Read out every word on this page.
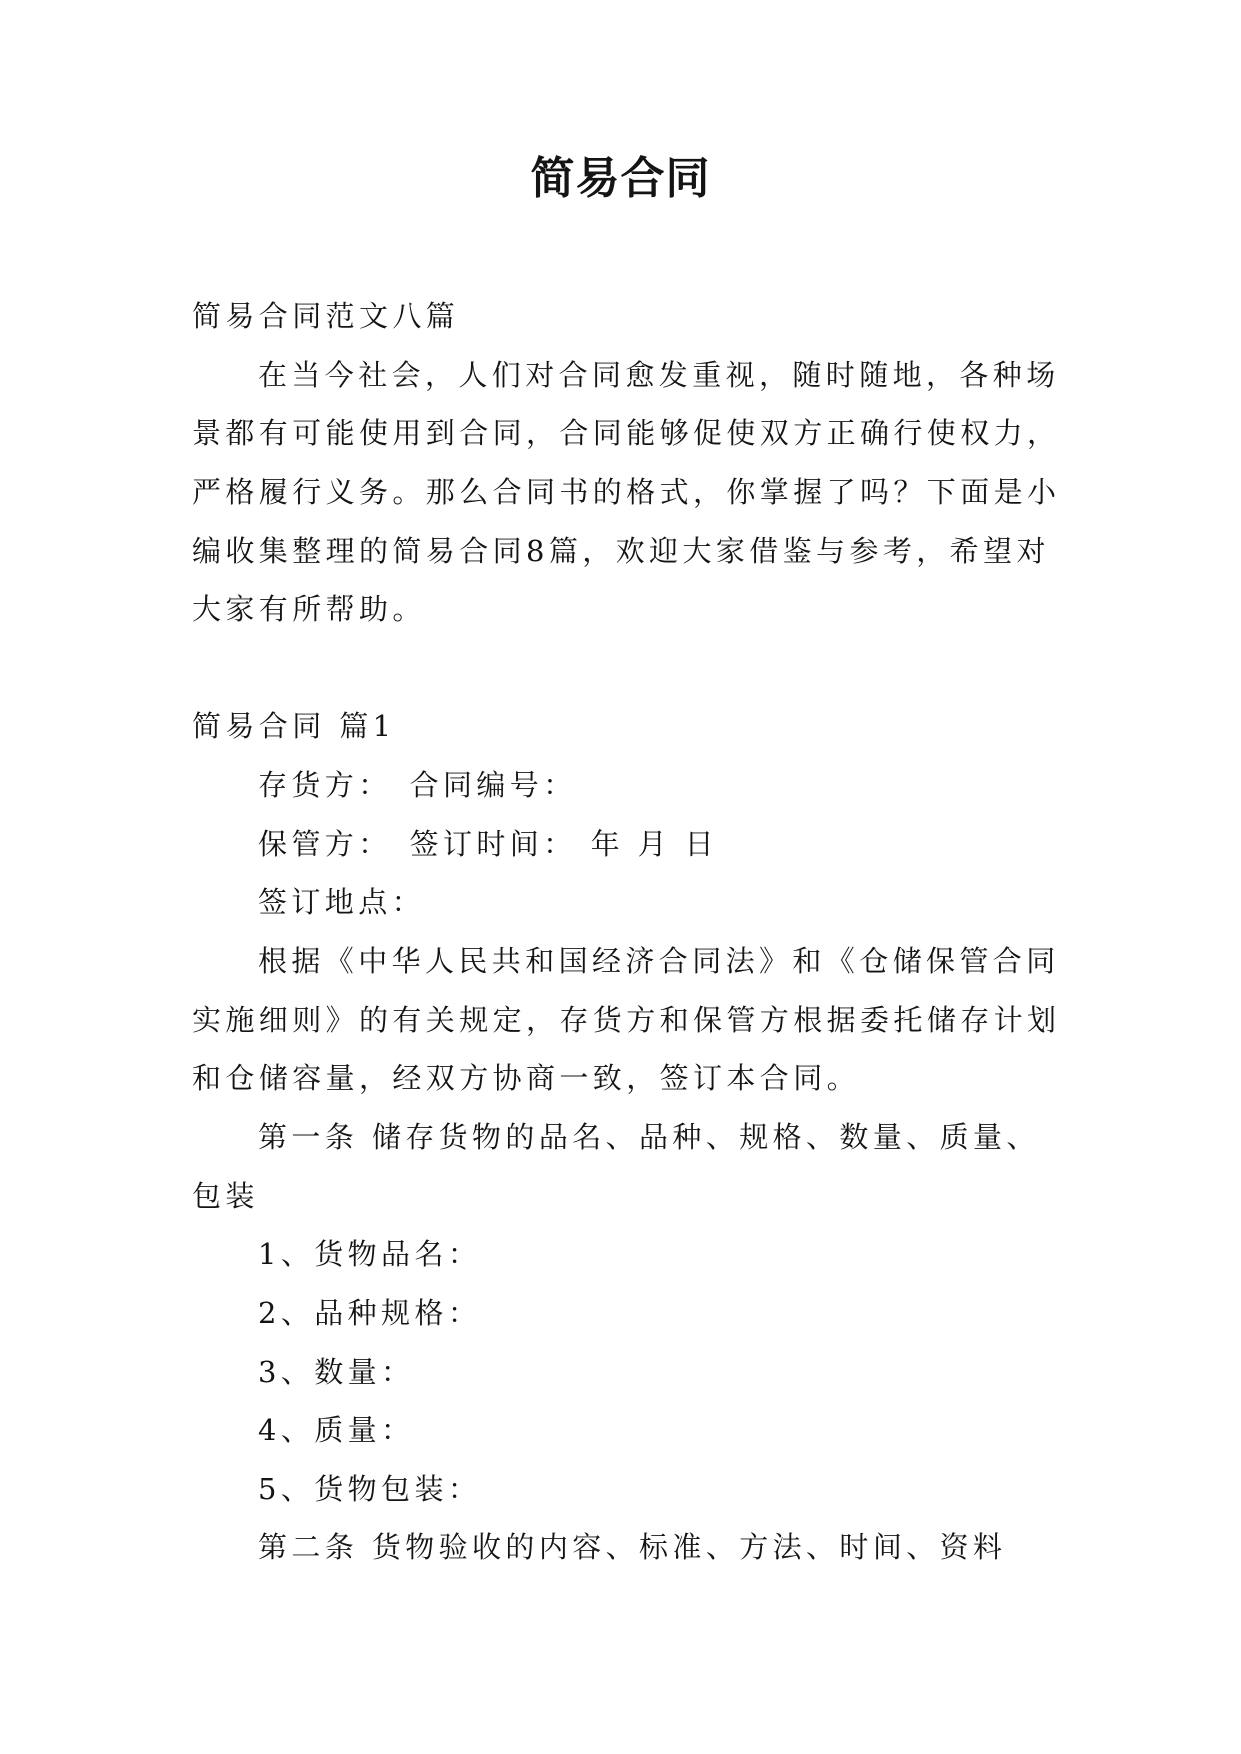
简易合同
简易合同范文八篇
在当今社会，人们对合同愈发重视，随时随地，各种场
景都有可能使用到合同，合同能够促使双方正确行使权力，
严格履行义务。那么合同书的格式，你掌握了吗？下面是小
编收集整理的简易合同8篇，欢迎大家借鉴与参考，希望对
大家有所帮助。
简易合同 篇1
存货方： 合同编号：
保管方： 签订时间： 年 月 日
签订地点：
根据《中华人民共和国经济合同法》和《仓储保管合同
实施细则》的有关规定，存货方和保管方根据委托储存计划
和仓储容量，经双方协商一致，签订本合同。
第一条 储存货物的品名、品种、规格、数量、质量、
包装
1、货物品名：
2、品种规格：
3、数量：
4、质量：
5、货物包装：
第二条 货物验收的内容、标准、方法、时间、资料
